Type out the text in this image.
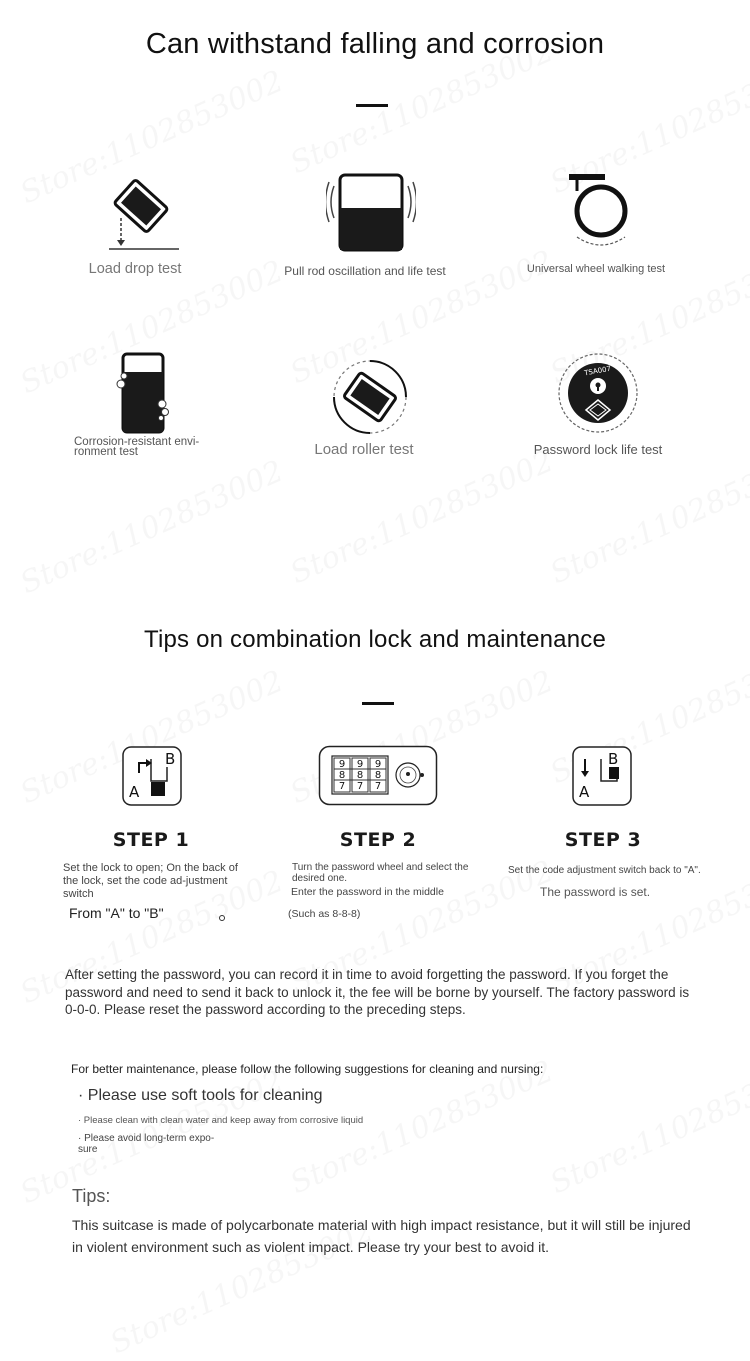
Can withstand falling and corrosion
Load drop test	Pull rod oscillation and life test	Universal wheel walking test
Corrosion-resistant envi-
ronment test	Load roller test
TSA007
Password lock life test
Tips on combination lock and maintenance
B
A
STEP 1
Set the lock to open; On the back of the lock, set the code ad-justment switch
From "A" to "B"
9 9 9
8 8 8
7 7 7
STEP 2
Turn the password wheel and select the desired one.
Enter the password in the middle
(Such as 8-8-8)
B
A
STEP 3
Set the code adjustment switch back to "A".
The password is set.
After setting the password, you can record it in time to avoid forgetting the password. If you forget the password and need to send it back to unlock it, the fee will be borne by yourself. The factory password is 0-0-0. Please reset the password according to the preceding steps.
For better maintenance, please follow the following suggestions for cleaning and nursing:
· Please use soft tools for cleaning
· Please clean with clean water and keep away from corrosive liquid
· Please avoid long-term expo-
sure
Tips:
This suitcase is made of polycarbonate material with high impact resistance, but it will still be injured in violent environment such as violent impact. Please try your best to avoid it.
